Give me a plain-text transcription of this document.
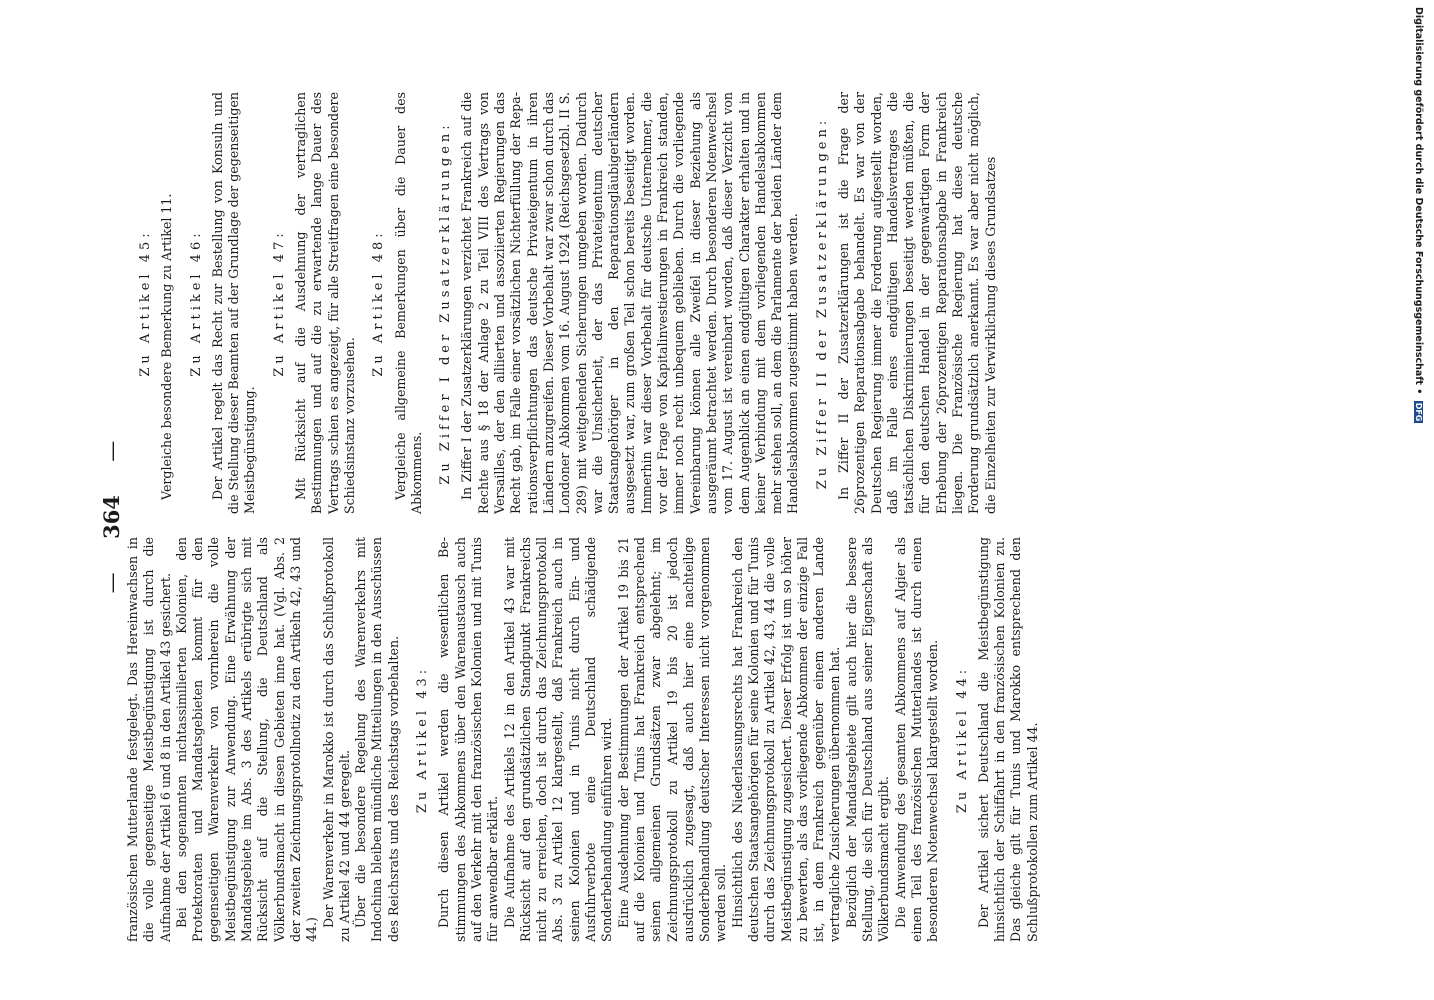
—     364     —

französischen Mutterlande festgelegt. Das Hereinwachsen in die volle gegenseitige Meistbegünstigung ist durch die Aufnahme der Artikel 6 und 8 in den Artikel 43 gesichert. Bei den sogenannten nichtassimilierten Kolonien, den Protektoraten und Mandatsgebieten kommt für den gegenseitigen Warenverkehr von vornherein die volle Meistbegünstigung zur Anwendung. Eine Erwähnung der Mandatsgebiete im Abs. 3 des Artikels erübrigte sich mit Rücksicht auf die Stellung, die Deutschland als Völkerbundsmacht in diesen Gebieten inne hat. (Vgl. Abs. 2 der zweiten Zeichnungsprotollnotiz zu den Artikeln 42, 43 und 44.)

Der Warenverkehr in Marokko ist durch das Schlußprotokoll zu Artikel 42 und 44 geregelt. Über die besondere Regelung des Warenverkehrs mit Indochina bleiben mündliche Mitteilungen in den Ausschüssen des Reichsrats und des Reichstags vorbehalten. Zu Artikel 43: Durch diesen Artikel werden die wesentlichen Bestimmungen des Abkommens über den Warenaustausch auch auf den Verkehr mit den französischen Kolonien und mit Tunis für anwendbar erklärt. Die Aufnahme des Artikels 12 in den Artikel 43 war mit Rücksicht auf den grundsätzlichen Standpunkt Frankreichs nicht zu erreichen, doch ist durch das Zeichnungsprotokoll Abs. 3 zu Artikel 12 klargestellt, daß Frankreich auch in seinen Kolonien und in Tunis nicht durch Ein- und Ausfuhrverbote eine Deutschland schädigende Sonderbehandlung einführen wird. Eine Ausdehnung der Bestimmungen der Artikel 19 bis 21 auf die Kolonien und Tunis hat Frankreich entsprechend seinen allgemeinen Grundsätzen zwar abgelehnt; im Zeichnungsprotokoll zu Artikel 19 bis 20 ist jedoch ausdrücklich zugesagt, daß auch hier eine nachteilige Sonderbehandlung deutscher Interessen nicht vorgenommen werden soll. Hinsichtlich des Niederlassungsrechts hat Frankreich den deutschen Staatsangehörigen für seine Kolonien und für Tunis durch das Zeichnungsprotokoll zu Artikel 42, 43, 44 die volle Meistbegünstigung zugesichert. Dieser Erfolg ist um so höher zu bewerten, als das vorliegende Abkommen der einzige Fall ist, in dem Frankreich gegenüber einem anderen Lande vertragliche Zusicherungen übernommen hat. Bezüglich der Mandatsgebiete gilt auch hier die bessere Stellung, die sich für Deutschland aus seiner Eigenschaft als Völkerbundsmacht ergibt. Die Anwendung des gesamten Abkommens auf Algier als einen Teil des französischen Mutterlandes ist durch einen besonderen Notenwechsel klargestellt worden. Zu Artikel 44: Der Artikel sichert Deutschland die Meistbegünstigung hinsichtlich der Schiffahrt in den französischen Kolonien zu. Das gleiche gilt für Tunis und Marokko entsprechend den Schlußprotokollen zum Artikel 44.

Zu Artikel 45: Vergleiche besondere Bemerkung zu Artikel 11. Zu Artikel 46: Der Artikel regelt das Recht zur Bestellung von Konsuln und die Stellung dieser Beamten auf der Grundlage der gegenseitigen Meistbegünstigung.

Zu Artikel 47: Mit Rücksicht auf die Ausdehnung der vertraglichen Bestimmungen und auf die zu erwartende lange Dauer des Vertrags schien es angezeigt, für alle Streitfragen eine besondere Schiedsinstanz vorzusehen.

Zu Artikel 48: Vergleiche allgemeine Bemerkungen über die Dauer des Abkommens. Zu Ziffer I der Zusatzerklärungen: In Ziffer I der Zusatzerklärungen verzichtet Frankreich auf die Rechte aus § 18 der Anlage 2 zu Teil VIII des Vertrags von Versailles, der den alliierten und assoziierten Regierungen das Recht gab, im Falle einer vorsätzlichen Nichterfüllung der Reparationsverpflichtungen das deutsche Privateigentum in ihren Ländern anzugreifen. Dieser Vorbehalt war zwar schon durch das Londoner Abkommen vom 16. August 1924 (Reichsgesetzbl. II S. 289) mit weitgehenden Sicherungen umgeben worden. Dadurch war die Unsicherheit, der das Privateigentum deutscher Staatsangehöriger in den Reparationsgläubigerländern ausgesetzt war, zum großen Teil schon bereits beseitigt worden. Immerhin war dieser Vorbehalt für deutsche Unternehmer, die vor der Frage von Kapitalinvestierungen in Frankreich standen, immer noch recht unbequem geblieben. Durch die vorliegende Vereinbarung können alle Zweifel in dieser Beziehung als ausgeräumt betrachtet werden. Durch besonderen Notenwechsel vom 17. August ist vereinbart worden, daß dieser Verzicht von dem Augenblick an einen endgültigen Charakter erhalten und in keiner Verbindung mit dem vorliegenden Handelsabkommen mehr stehen soll, an dem die Parlamente der beiden Länder dem Handelsabkommen zugestimmt haben werden. Zu Ziffer II der Zusatzerklärungen: In Ziffer II der Zusatzerklärungen ist die Frage der 26prozentigen Reparationsabgabe behandelt. Es war von der Deutschen Regierung immer die Forderung aufgestellt worden, daß im Falle eines endgültigen Handelsvertrages die tatsächlichen Diskriminierungen beseitigt werden müßten, die für den deutschen Handel in der gegenwärtigen Form der Erhebung der 26prozentigen Reparationsabgabe in Frankreich liegen. Die Französische Regierung hat diese deutsche Forderung grundsätzlich anerkannt. Es war aber nicht möglich, die Einzelheiten zur Verwirklichung dieses Grundsatzes	Digitalisierung gefördert durch die Deutsche Forschungsgemeinschaft • DFG
